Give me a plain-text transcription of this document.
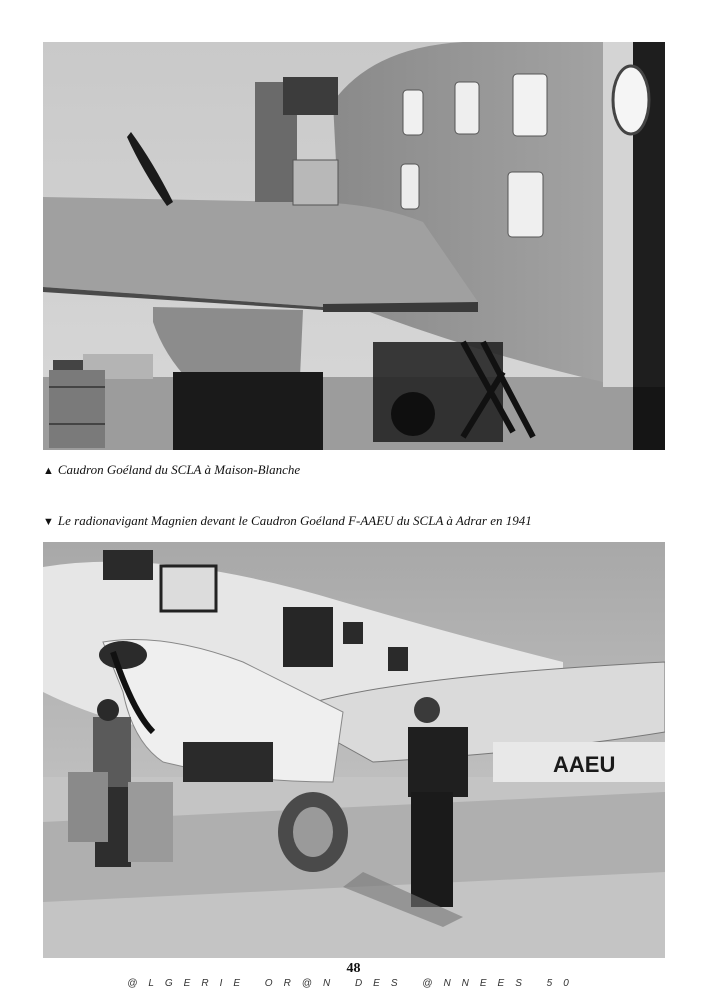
▲ Caudron Goéland du SCLA à Maison-Blanche
▼ Le radionavigant Magnien devant le Caudron Goéland F-AAEU du SCLA à Adrar en 1941
AAEU
48
@LGERIE OR@N DES @NNEES 50
